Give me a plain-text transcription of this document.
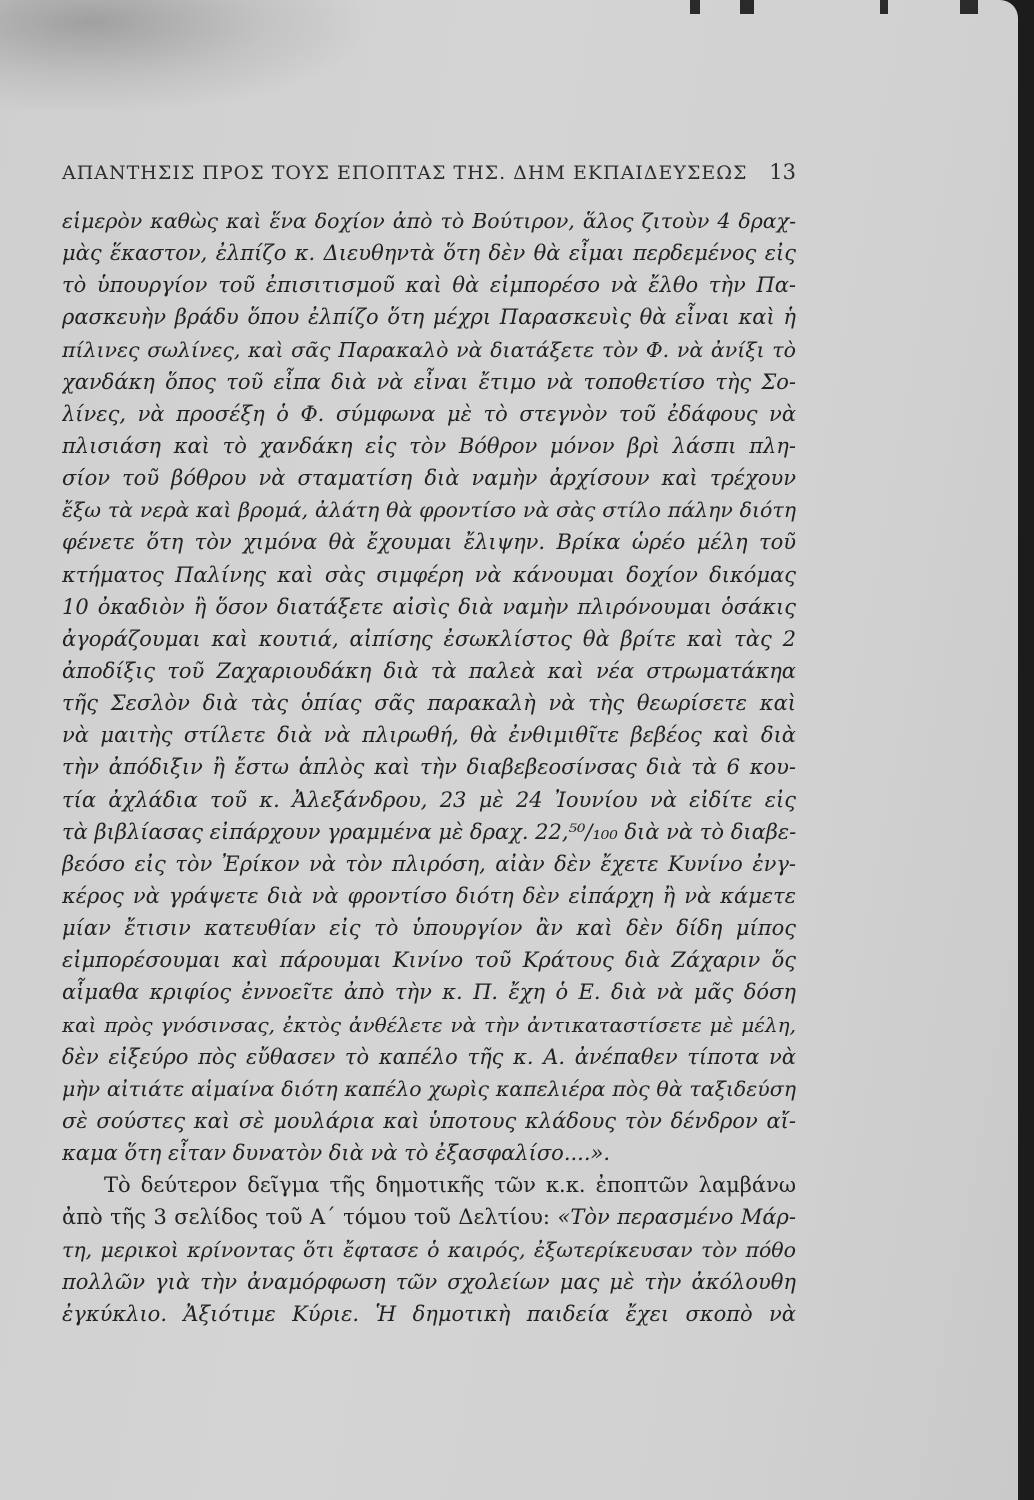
ΑΠΑΝΤΗΣΙΣ ΠΡΟΣ ΤΟΥΣ ΕΠΟΠΤΑΣ ΤΗΣ. ΔΗΜ ΕΚΠΑΙΔΕΥΣΕΩΣ 13
εἱμερὸν καθὼς καὶ ἕνα δοχίον ἀπὸ τὸ Βούτιρον, ἅλος ζιτοὺν 4 δραχ-
μὰς ἕκαστον, ἐλπίζο κ. Διευθηντὰ ὅτη δὲν θὰ εἶμαι περδεμένος εἰς
τὸ ὑπουργίον τοῦ ἐπισιτισμοῦ καὶ θὰ εἰμπορέσο νὰ ἔλθο τὴν Πα-
ρασκευὴν βράδυ ὅπου ἐλπίζο ὅτη μέχρι Παρασκευὶς θὰ εἶναι καὶ ἡ
πίλινες σωλίνες, καὶ σᾶς Παρακαλὸ νὰ διατάξετε τὸν Φ. νὰ ἀνίξι τὸ
χανδάκη ὅπος τοῦ εἶπα διὰ νὰ εἶναι ἔτιμο νὰ τοποθετίσο τὴς Σο-
λίνες, νὰ προσέξη ὁ Φ. σύμφωνα μὲ τὸ στεγνὸν τοῦ ἐδάφους νὰ
πλισιάση καὶ τὸ χανδάκη εἰς τὸν Βόθρον μόνον βρὶ λάσπι πλη-
σίον τοῦ βόθρου νὰ σταματίση διὰ ναμὴν ἀρχίσουν καὶ τρέχουν
ἔξω τὰ νερὰ καὶ βρομά, ἀλάτη θὰ φροντίσο νὰ σὰς στίλο πάλην διότη
φένετε ὅτη τὸν χιμόνα θὰ ἔχουμαι ἔλιψην. Βρίκα ὡρέο μέλη τοῦ
κτήματος Παλίνης καὶ σὰς σιμφέρη νὰ κάνουμαι δοχίον δικόμας
10 ὀκαδιὸν ἢ ὅσον διατάξετε αἰσὶς διὰ ναμὴν πλιρόνουμαι ὁσάκις
ἀγοράζουμαι καὶ κουτιά, αἰπίσης ἐσωκλίστος θὰ βρίτε καὶ τὰς 2
ἀποδίξις τοῦ Ζαχαριουδάκη διὰ τὰ παλεὰ καὶ νέα στρωματάκηα
τῆς Σεσλὸν διὰ τὰς ὁπίας σᾶς παρακαλὴ νὰ τὴς θεωρίσετε καὶ
νὰ μαιτὴς στίλετε διὰ νὰ πλιρωθή, θὰ ἐνθιμιθῖτε βεβέος καὶ διὰ
τὴν ἀπόδιξιν ἢ ἔστω ἁπλὸς καὶ τὴν διαβεβεοσίνσας διὰ τὰ 6 κου-
τία ἀχλάδια τοῦ κ. Ἀλεξάνδρου, 23 μὲ 24 Ἰουνίου νὰ εἰδίτε εἰς
τὰ βιβλίασας εἰπάρχουν γραμμένα μὲ δραχ. 22,⁵⁰/₁₀₀ διὰ νὰ τὸ διαβε-
βεόσο εἰς τὸν Ἐρίκον νὰ τὸν πλιρόση, αἰὰν δὲν ἔχετε Κυνίνο ἐνγ-
κέρος νὰ γράψετε διὰ νὰ φροντίσο διότη δὲν εἰπάρχη ἢ νὰ κάμετε
μίαν ἔτισιν κατευθίαν εἰς τὸ ὑπουργίον ἂν καὶ δὲν δίδη μίπος
εἰμπορέσουμαι καὶ πάρουμαι Κινίνο τοῦ Κράτους διὰ Ζάχαριν ὅς
αἷμαθα κριφίος ἐννοεῖτε ἀπὸ τὴν κ. Π. ἔχη ὁ Ε. διὰ νὰ μᾶς δόση
καὶ πρὸς γνόσινσας, ἐκτὸς ἀνθέλετε νὰ τὴν ἀντικαταστίσετε μὲ μέλη,
δὲν εἰξεύρο πὸς εὔθασεν τὸ καπέλο τῆς κ. Α. ἀνέπαθεν τίποτα νὰ
μὴν αἰτιάτε αἱμαίνα διότη καπέλο χωρὶς καπελιέρα πὸς θὰ ταξιδεύση
σὲ σούστες καὶ σὲ μουλάρια καὶ ὑποτους κλάδους τὸν δένδρον αἴ-
καμα ὅτη εἶταν δυνατὸν διὰ νὰ τὸ ἐξασφαλίσο....».
Τὸ δεύτερον δεῖγμα τῆς δημοτικῆς τῶν κ.κ. ἐποπτῶν λαμβάνω
ἀπὸ τῆς 3 σελίδος τοῦ Α΄ τόμου τοῦ Δελτίου: «Τὸν περασμένο Μάρ-
τη, μερικοὶ κρίνοντας ὅτι ἔφτασε ὁ καιρός, ἐξωτερίκευσαν τὸν πόθο
πολλῶν γιὰ τὴν ἀναμόρφωση τῶν σχολείων μας μὲ τὴν ἀκόλουθη
ἐγκύκλιο. Ἀξιότιμε Κύριε. Ἡ δημοτικὴ παιδεία ἔχει σκοπὸ νὰ
